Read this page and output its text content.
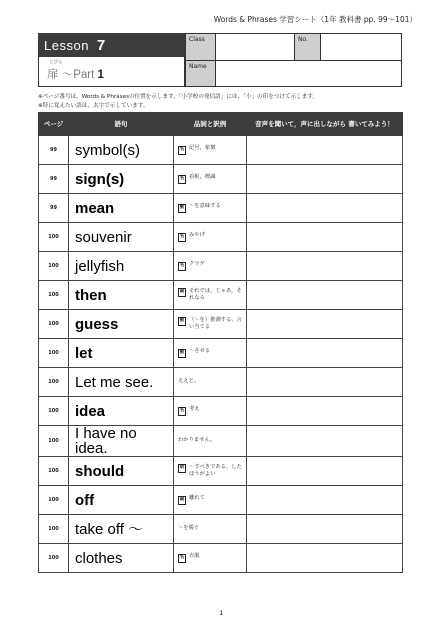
Words & Phrases 学習シート（1年 教科書 pp. 99～101）
Lesson 7
とびら
扉 ～Part 1
Class	No.
Name
※ページ番号は，Words & Phrasesの位置を示します。「小学校の発信語」には，「小」の印をつけて示します。
※特に覚えたい語は，太字で示しています。
ページ	語句	品詞と訳例	音声を聞いて，声に出しながら 書いてみよう！
99	symbol(s)	名 記号，象徴	

99	sign(s)	名 看板，標識	

99	mean	動 ～を意味する	

100	souvenir	名 みやげ	

100	jellyfish	名 クラゲ	

100	then	副 それでは，じゃあ，それなら	

100	guess	動 （～を）推測する，言い当てる	

100	let	動 ～させる	

100	Let me see.	ええと。	

100	idea	名 考え	

100	I have no idea.	わかりません。	

100	should	助 ～すべきである，したほうがよい	

100	off	副 離れて	

100	take off ～	～を脱ぐ	

100	clothes	名 衣服	

1
